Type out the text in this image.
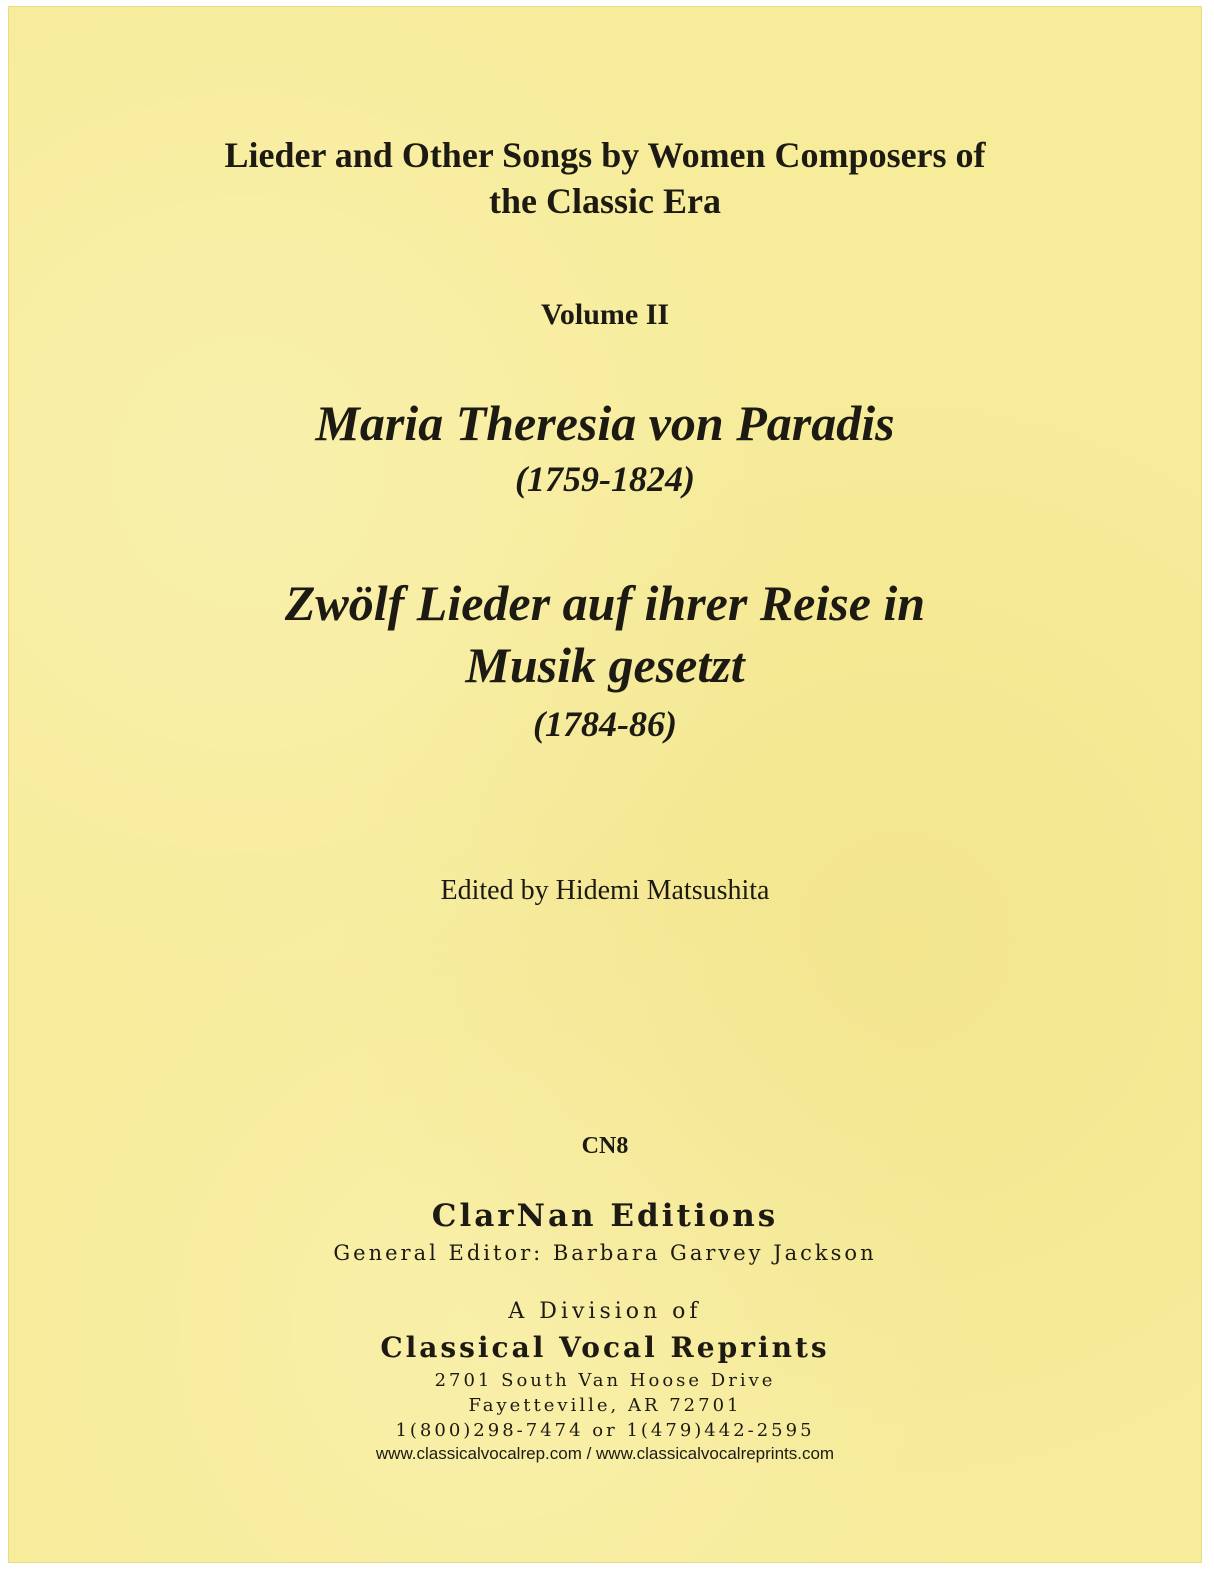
Lieder and Other Songs by Women Composers of
the Classic Era
Volume II
Maria Theresia von Paradis
(1759-1824)
Zwölf Lieder auf ihrer Reise in
Musik gesetzt
(1784-86)
Edited by Hidemi Matsushita
CN8
ClarNan Editions
General Editor: Barbara Garvey Jackson
A Division of
Classical Vocal Reprints
2701 South Van Hoose Drive
Fayetteville, AR 72701
1(800)298-7474 or 1(479)442-2595
www.classicalvocalrep.com / www.classicalvocalreprints.com
